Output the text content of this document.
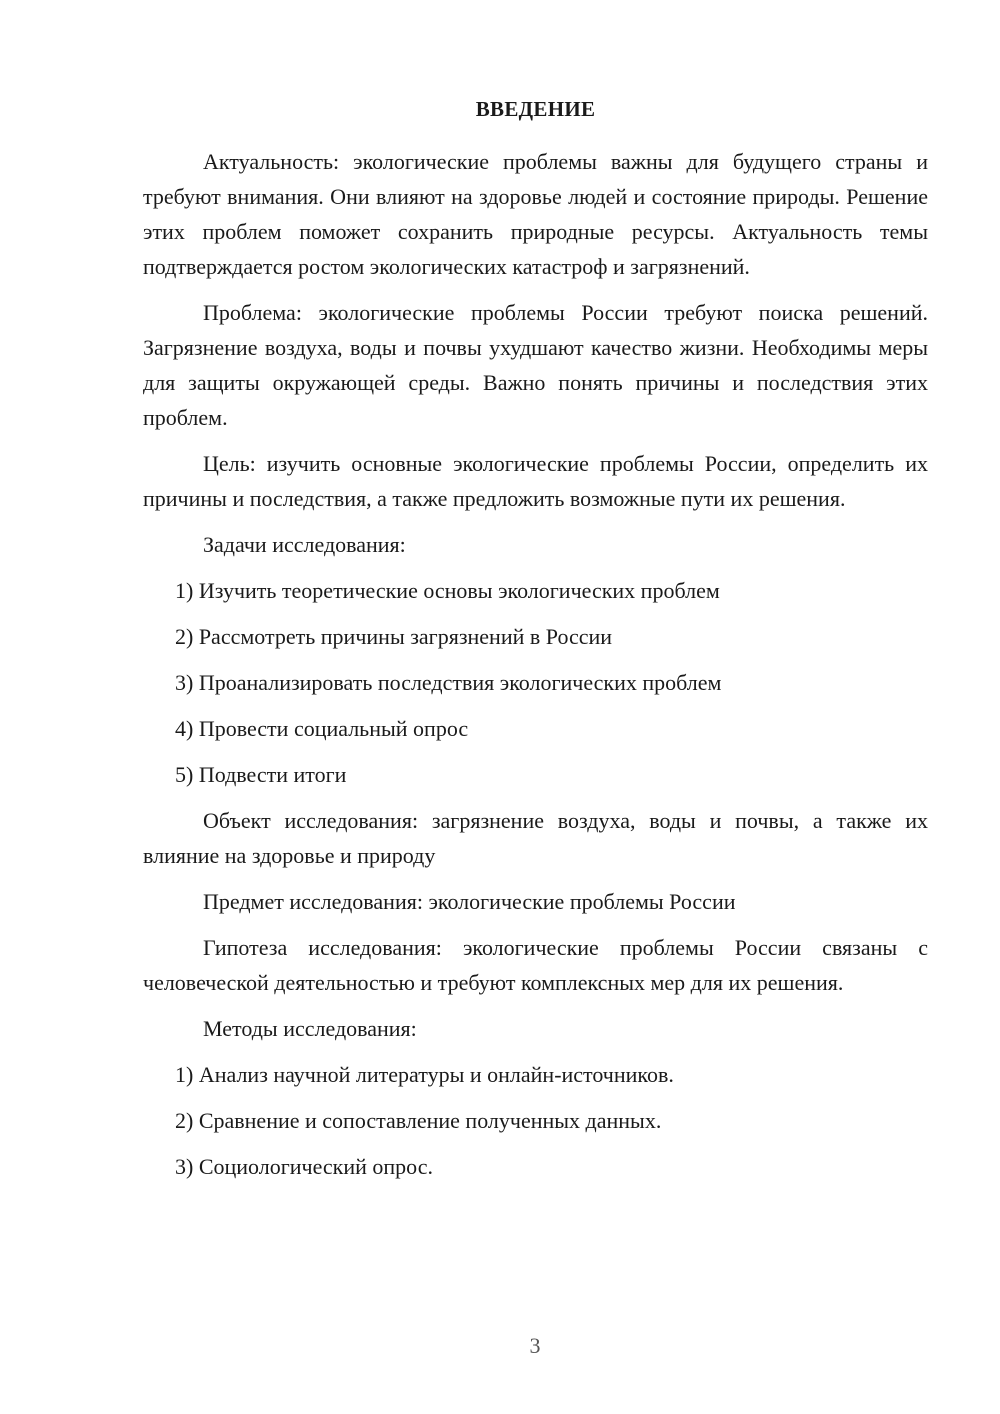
ВВЕДЕНИЕ

Актуальность: экологические проблемы важны для будущего страны и требуют внимания. Они влияют на здоровье людей и состояние природы. Решение этих проблем поможет сохранить природные ресурсы. Актуальность темы подтверждается ростом экологических катастроф и загрязнений.

Проблема: экологические проблемы России требуют поиска решений. Загрязнение воздуха, воды и почвы ухудшают качество жизни. Необходимы меры для защиты окружающей среды. Важно понять причины и последствия этих проблем.

Цель: изучить основные экологические проблемы России, определить их причины и последствия, а также предложить возможные пути их решения.

Задачи исследования:

1) Изучить теоретические основы экологических проблем

2) Рассмотреть причины загрязнений в России

3) Проанализировать последствия экологических проблем

4) Провести социальный опрос

5) Подвести итоги

Объект исследования: загрязнение воздуха, воды и почвы, а также их влияние на здоровье и природу

Предмет исследования: экологические проблемы России

Гипотеза исследования: экологические проблемы России связаны с человеческой деятельностью и требуют комплексных мер для их решения.

Методы исследования:

1) Анализ научной литературы и онлайн-источников.

2) Сравнение и сопоставление полученных данных.

3) Социологический опрос.

3
